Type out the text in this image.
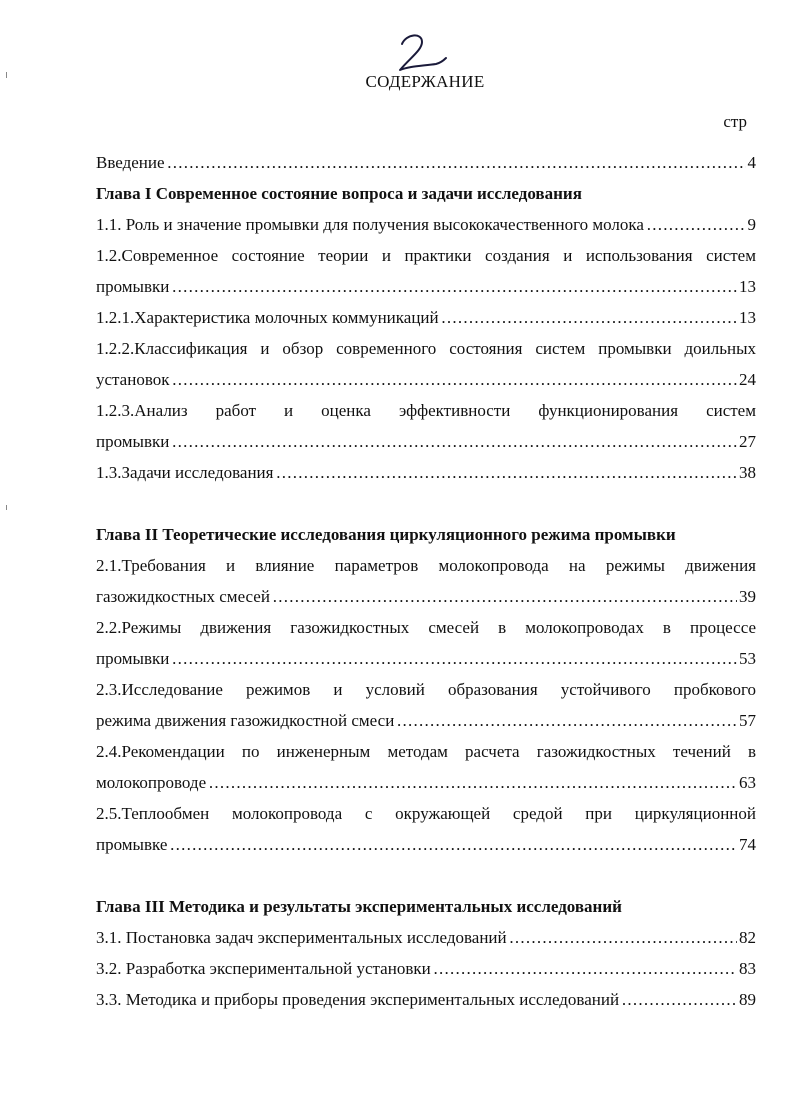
СОДЕРЖАНИЕ
стр
Введение . . .	4
Глава I Современное состояние вопроса и задачи исследования
1.1. Роль и значение промывки для получения высококачественного молока . . .	9
1.2.Современное состояние теории и практики создания и использования систем
промывки . . .	13
1.2.1.Характеристика молочных коммуникаций . . .	13
1.2.2.Классификация и обзор современного состояния систем промывки доильных
установок . . .	24
1.2.3.Анализ работ и оценка эффективности функционирования систем
промывки . . .	27
1.3.Задачи исследования . . .	38
Глава II Теоретические исследования циркуляционного режима промывки
2.1.Требования и влияние параметров молокопровода на режимы движения
газожидкостных смесей . . .	39
2.2.Режимы движения газожидкостных смесей в молокопроводах в процессе
промывки . . .	53
2.3.Исследование режимов и условий образования устойчивого пробкового
режима движения газожидкостной смеси . . .	57
2.4.Рекомендации по инженерным методам расчета газожидкостных течений в
молокопроводе . . .	63
2.5.Теплообмен молокопровода с окружающей средой при циркуляционной
промывке . . .	74
Глава III Методика и результаты экспериментальных исследований
3.1. Постановка задач экспериментальных исследований . . .	82
3.2. Разработка экспериментальной установки . . .	83
3.3. Методика и приборы проведения экспериментальных исследований . . .	89
